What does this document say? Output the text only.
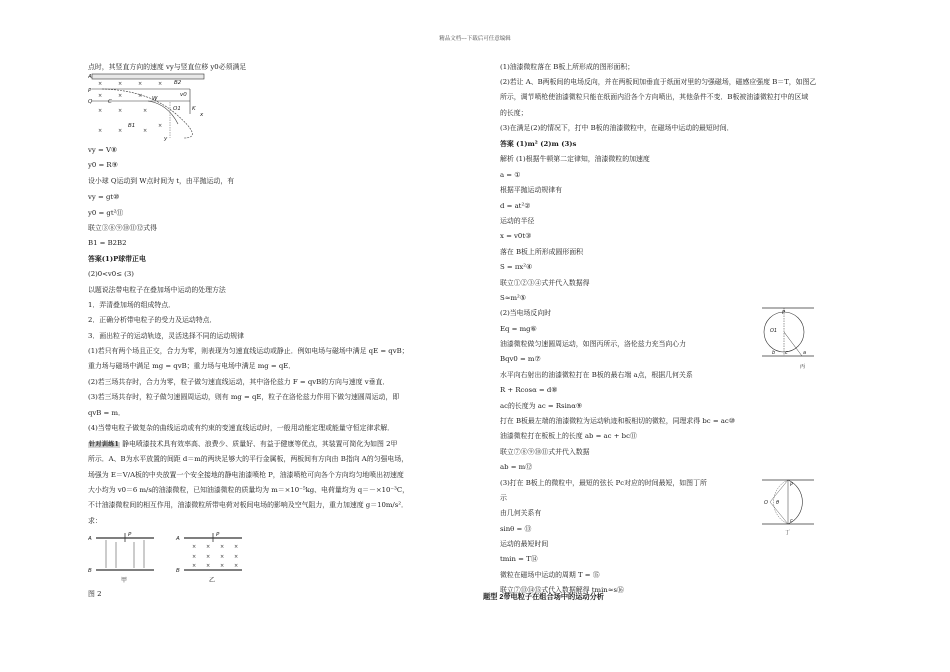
精品文档---下载后可任意编辑
点时，其竖直方向的速度 vy与竖直位移 y0必须满足
vy = V⑧
y0 = R⑨
设小球 Q运动到 W点时间为 t，由平抛运动，有
vy = gt⑩
y0 = gt²⑪
联立③⑧⑨⑩⑪⑫式得
B1 = B2B2
答案(1)P球带正电
(2)0<v0≤ (3)
以题说法带电粒子在叠加场中运动的处理方法
1．弄清叠加场的组成特点．
2．正确分析带电粒子的受力及运动特点．
3．画出粒子的运动轨迹，灵活选择不同的运动规律
(1)若只有两个场且正交，合力为零，则表现为匀速直线运动或静止．例如电场与磁场中满足 qE = qvB；
重力场与磁场中满足 mg = qvB；重力场与电场中满足 mg = qE．
(2)若三场共存时，合力为零，粒子做匀速直线运动，其中洛伦兹力 F = qvB的方向与速度 v垂直．
(3)若三场共存时，粒子做匀速圆周运动，则有 mg = qE，粒子在洛伦兹力作用下做匀速圆周运动，即
qvB = m．
(4)当带电粒子做复杂的曲线运动或有约束的变速直线运动时，一般用动能定理或能量守恒定律求解．
针对训练1 静电喷漆技术具有效率高、浪费少、质量好、有益于健康等优点，其装置可简化为如图 2甲
所示．A、B为水平放置的间距 d＝m的两块足够大的平行金属板，两板间有方向由 B指向 A的匀强电场，
场强为 E＝V/A板的中央放置一个安全接地的静电油漆喷枪 P，油漆喷枪可向各个方向均匀地喷出初速度
大小均为 v0＝6 m/s的油漆微粒，已知油漆微粒的质量均为 m＝×10⁻⁵kg、电荷量均为 q＝－×10⁻³C，
不计油漆微粒间的相互作用，油漆微粒所带电荷对板间电场的影响及空气阻力，重力加速度 g＝10m/s²．
求：
图 2
(1)油漆微粒落在 B板上所形成的图形面积；
(2)若让 A、B两板间的电场反向，并在两板间加垂直于纸面对里的匀强磁场，磁感应强度 B＝T，如图乙
所示，调节喷枪使油漆微粒只能在纸面内沿各个方向喷出，其他条件不变．B板被油漆微粒打中的区域
的长度；
(3)在满足(2)的情况下，打中 B板的油漆微粒中，在磁场中运动的最短时间．
答案 (1)m² (2)m (3)s
解析 (1)根据牛顿第二定律知，油漆微粒的加速度
a = ①
根据平抛运动规律有
d = at²②
运动的半径
x = v0t③
落在 B板上所形成圆形面积
S = πx²④
联立①②③④式并代入数据得
S≈m²⑤
(2)当电场反向时
Eq = mg⑥
油漆微粒做匀速圆周运动，如图丙所示，洛伦兹力充当向心力
Bqv0 = m⑦
水平向右射出的油漆微粒打在 B板的最右端 a点，根据几何关系
R + Rcosα = d⑧
ac的长度为 ac = Rsinα⑨
打在 B板最左端的油漆微粒为运动轨迹和板相切的微粒，同理求得 bc = ac⑩
油漆微粒打在板板上的长度 ab = ac + bc⑪
联立⑦⑧⑨⑩⑪式并代入数据
ab = m⑫
(3)打在 B板上的微粒中，最短的弦长 Pc对应的时间最短，如图丁所
示
由几何关系有
sinθ = ⑬
运动的最短时间
tmin = T⑭
微粒在磁场中运动的周期 T = ⑮
联立⑦⑬⑭⑮式代入数据解得 tmin≈s⑯
题型 2带电粒子在组合场中的运动分析
×	×	×	×
×	×	×
×	×	×
×	×	×
×
A
P
Q	W
O1
B1
B2
K
x
y
v0
C
A
B
P
甲
× × × ×
× × × ×
× × × ×
A
B
P
乙
P
O1
b c	a
丙
P
O θ
c
丁
